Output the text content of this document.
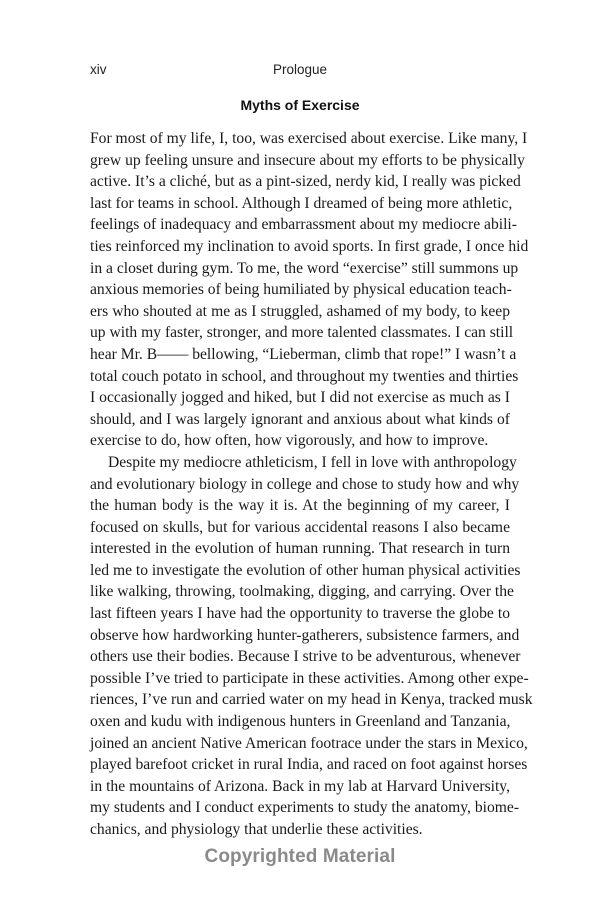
xiv	Prologue
Myths of Exercise
For most of my life, I, too, was exercised about exercise. Like many, I
grew up feeling unsure and insecure about my efforts to be physically
active. It’s a cliché, but as a pint-sized, nerdy kid, I really was picked
last for teams in school. Although I dreamed of being more athletic,
feelings of inadequacy and embarrassment about my mediocre abili-
ties reinforced my inclination to avoid sports. In first grade, I once hid
in a closet during gym. To me, the word “exercise” still summons up
anxious memories of being humiliated by physical education teach-
ers who shouted at me as I struggled, ashamed of my body, to keep
up with my faster, stronger, and more talented classmates. I can still
hear Mr. B—— bellowing, “Lieberman, climb that rope!” I wasn’t a
total couch potato in school, and throughout my twenties and thirties
I occasionally jogged and hiked, but I did not exercise as much as I
should, and I was largely ignorant and anxious about what kinds of
exercise to do, how often, how vigorously, and how to improve.
Despite my mediocre athleticism, I fell in love with anthropology
and evolutionary biology in college and chose to study how and why
the human body is the way it is. At the beginning of my career, I
focused on skulls, but for various accidental reasons I also became
interested in the evolution of human running. That research in turn
led me to investigate the evolution of other human physical activities
like walking, throwing, toolmaking, digging, and carrying. Over the
last fifteen years I have had the opportunity to traverse the globe to
observe how hardworking hunter-gatherers, subsistence farmers, and
others use their bodies. Because I strive to be adventurous, whenever
possible I’ve tried to participate in these activities. Among other expe-
riences, I’ve run and carried water on my head in Kenya, tracked musk
oxen and kudu with indigenous hunters in Greenland and Tanzania,
joined an ancient Native American footrace under the stars in Mexico,
played barefoot cricket in rural India, and raced on foot against horses
in the mountains of Arizona. Back in my lab at Harvard University,
my students and I conduct experiments to study the anatomy, biome-
chanics, and physiology that underlie these activities.
Copyrighted Material
